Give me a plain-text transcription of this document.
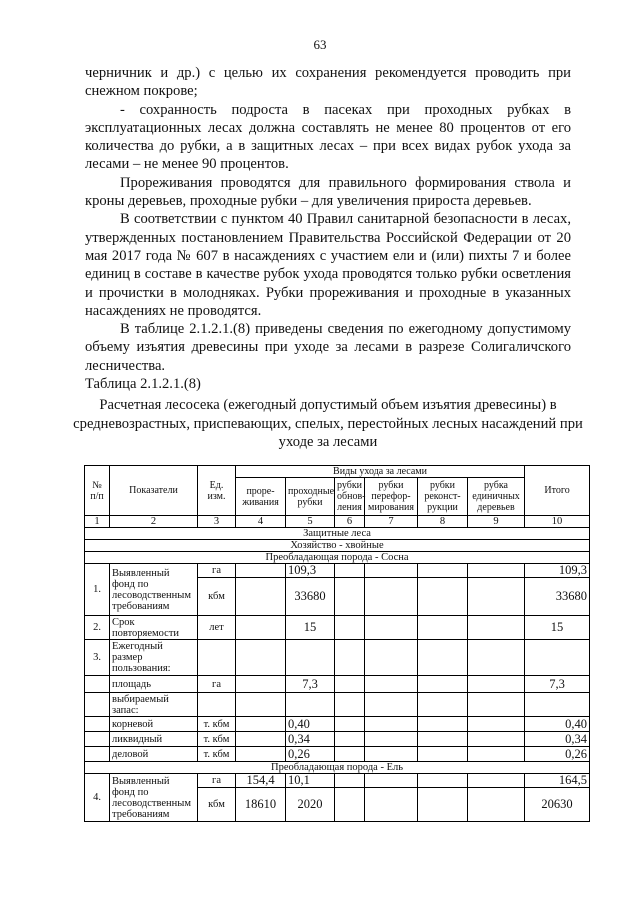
63

черничник и др.) с целью их сохранения рекомендуется проводить при снежном покрове;

- сохранность подроста в пасеках при проходных рубках в эксплуатационных лесах должна составлять не менее 80 процентов от его количества до рубки, а в защитных лесах – при всех видах рубок ухода за лесами – не менее 90 процентов.

Прореживания проводятся для правильного формирования ствола и кроны деревьев, проходные рубки – для увеличения прироста деревьев.

В соответствии с пунктом 40 Правил санитарной безопасности в лесах, утвержденных постановлением Правительства Российской Федерации от 20 мая 2017 года № 607 в насаждениях с участием ели и (или) пихты 7 и более единиц в составе в качестве рубок ухода проводятся только рубки осветления и прочистки в молодняках. Рубки прореживания и проходные в указанных насаждениях не проводятся.

В таблице 2.1.2.1.(8) приведены сведения по ежегодному допустимому объему изъятия древесины при уходе за лесами в разрезе Солигаличского лесничества.

Таблица 2.1.2.1.(8)

Расчетная лесосека (ежегодный допустимый объем изъятия древесины) в средневозрастных, приспевающих, спелых, перестойных лесных насаждений при уходе за лесами
№ п/п	Показатели	Ед. изм.	Виды ухода за лесами						Итого
			проре-живания	проходные рубки	рубки обнов-ления	рубки перефор-мирования	рубки реконст-рукции	рубка единичных деревьев	
1	2	3	4	5	6	7	8	9	10
Защитные леса									
Хозяйство - хвойные									
Преобладающая порода - Сосна									
1.	Выявленный фонд по лесоводственным требованиям	га		109,3					109,3
		кбм		33680					33680
2.	Срок повторяемости	лет		15					15
3.	Ежегодный размер пользования:								
	площадь	га		7,3					7,3
	выбираемый запас:								
	корневой	т. кбм		0,40					0,40
	ликвидный	т. кбм		0,34					0,34
	деловой	т. кбм		0,26					0,26
Преобладающая порода - Ель									
4.	Выявленный фонд по лесоводственным требованиям	га	154,4	10,1					164,5
		кбм	18610	2020					20630
